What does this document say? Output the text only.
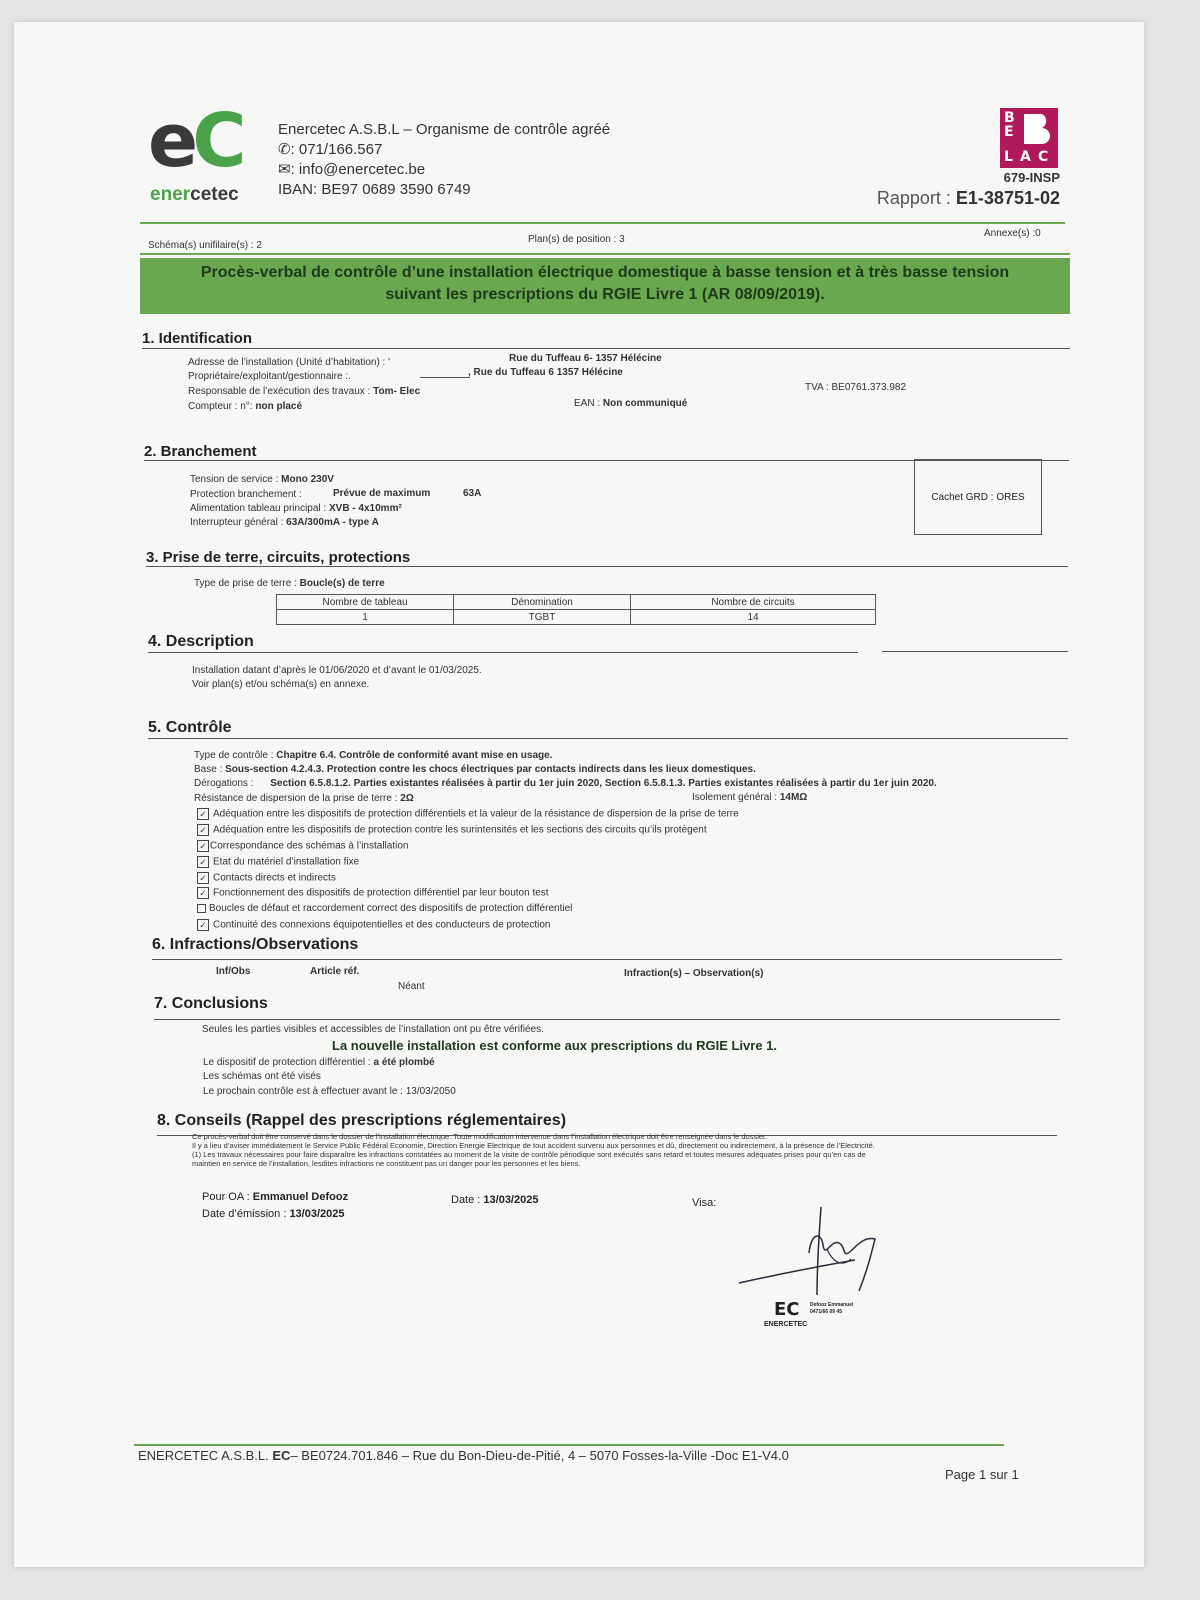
eC
enercetec
Enercetec A.S.B.L – Organisme de contrôle agréé
✆: 071/166.567
✉: info@enercetec.be
IBAN: BE97 0689 3590 6749
B
E
L A C
679-INSP
Rapport : E1-38751-02
Schéma(s) unifilaire(s) : 2
Plan(s) de position : 3
Annexe(s) :0
Procès-verbal de contrôle d’une installation électrique domestique à basse tension et à très basse tension
suivant les prescriptions du RGIE Livre 1 (AR 08/09/2019).
1. Identification
Adresse de l’installation (Unité d’habitation) : '	Rue du Tuffeau 6- 1357 Hélécine
Propriétaire/exploitant/gestionnaire :.	, Rue du Tuffeau 6 1357 Hélécine
Responsable de l’exécution des travaux : Tom- Elec	TVA : BE0761.373.982
Compteur : n°: non placé	EAN : Non communiqué
2. Branchement
Tension de service : Mono 230V
Protection branchement :	Prévue de maximum	63A
Alimentation tableau principal : XVB - 4x10mm²
Interrupteur général : 63A/300mA - type A
Cachet GRD : ORES
3. Prise de terre, circuits, protections
Type de prise de terre : Boucle(s) de terre
Nombre de tableau	Dénomination	Nombre de circuits
1	TGBT	14
4. Description
Installation datant d’après le 01/06/2020 et d’avant le 01/03/2025.
Voir plan(s) et/ou schéma(s) en annexe.
5. Contrôle
Type de contrôle : Chapitre 6.4. Contrôle de conformité avant mise en usage.
Base : Sous-section 4.2.4.3. Protection contre les chocs électriques par contacts indirects dans les lieux domestiques.
Dérogations : Section 6.5.8.1.2. Parties existantes réalisées à partir du 1er juin 2020, Section 6.5.8.1.3. Parties existantes réalisées à partir du 1er juin 2020.
Résistance de dispersion de la prise de terre : 2Ω	Isolement général : 14MΩ
✓ Adéquation entre les dispositifs de protection différentiels et la valeur de la résistance de dispersion de la prise de terre
✓ Adéquation entre les dispositifs de protection contre les surintensités et les sections des circuits qu’ils protègent
✓ Correspondance des schémas à l’installation
✓ Etat du matériel d’installation fixe
✓ Contacts directs et indirects
✓ Fonctionnement des dispositifs de protection différentiel par leur bouton test
Boucles de défaut et raccordement correct des dispositifs de protection différentiel
✓ Continuité des connexions équipotentielles et des conducteurs de protection
6. Infractions/Observations
Inf/Obs	Article réf.	Infraction(s) – Observation(s)
Néant
7. Conclusions
Seules les parties visibles et accessibles de l’installation ont pu être vérifiées.
La nouvelle installation est conforme aux prescriptions du RGIE Livre 1.
Le dispositif de protection différentiel : a été plombé
Les schémas ont été visés
Le prochain contrôle est à effectuer avant le : 13/03/2050
8. Conseils (Rappel des prescriptions réglementaires)
Ce procès-verbal doit être conservé dans le dossier de l’installation électrique. Toute modification intervenue dans l’installation électrique doit être renseignée dans le dossier.
Il y a lieu d’aviser immédiatement le Service Public Fédéral Economie, Direction Energie Electrique de tout accident survenu aux personnes et dû, directement ou indirectement, à la présence de l’Electricité.
(1) Les travaux nécessaires pour faire disparaître les infractions constatées au moment de la visite de contrôle périodique sont exécutés sans retard et toutes mesures adéquates prises pour qu’en cas de
maintien en service de l’installation, lesdites infractions ne constituent pas un danger pour les personnes et les biens.
Pour OA : Emmanuel Defooz
Date d’émission : 13/03/2025
Date : 13/03/2025	Visa:
EC Defooz Emmanuel
0471/66 09 45
ENERCETEC
ENERCETEC A.S.B.L. EC– BE0724.701.846 – Rue du Bon-Dieu-de-Pitié, 4 – 5070 Fosses-la-Ville -Doc E1-V4.0
Page 1 sur 1
